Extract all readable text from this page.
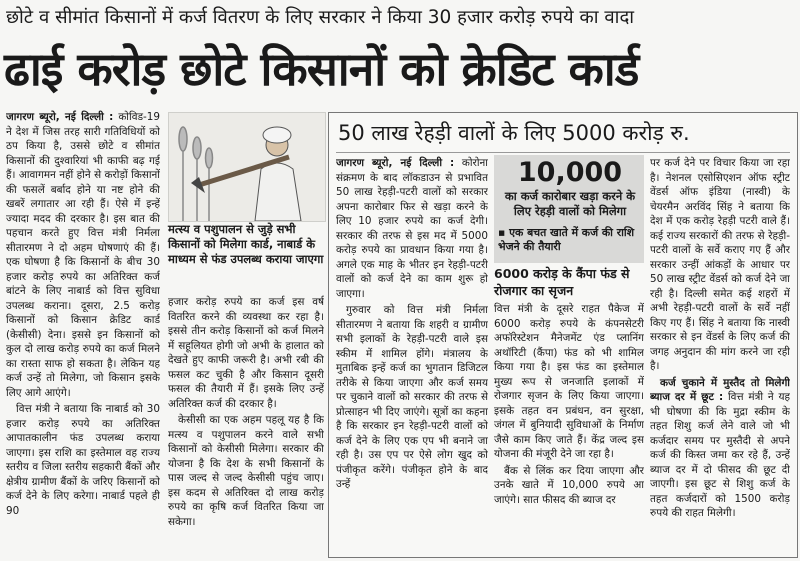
छोटे व सीमांत किसानों में कर्ज वितरण के लिए सरकार ने किया 30 हजार करोड़ रुपये का वादा
ढाई करोड़ छोटे किसानों को क्रेडिट कार्ड

जागरण ब्यूरो, नई दिल्ली : कोविड-19 ने देश में जिस तरह सारी गतिविधियों को ठप किया है, उससे छोटे व सीमांत किसानों की दुश्वारियां भी काफी बढ़ गई हैं। आवागमन नहीं होने से करोड़ों किसानों की फसलें बर्बाद होने या नष्ट होने की खबरें लगातार आ रही हैं। ऐसे में इन्हें ज्यादा मदद की दरकार है। इस बात की पहचान करते हुए वित्त मंत्री निर्मला सीतारमण ने दो अहम घोषणाएं की हैं। एक घोषणा है कि किसानों के बीच 30 हजार करोड़ रुपये का अतिरिक्त कर्ज बांटने के लिए नाबार्ड को वित्त सुविधा उपलब्ध कराना। दूसरा, 2.5 करोड़ किसानों को किसान क्रेडिट कार्ड (केसीसी) देना। इससे इन किसानों को कुल दो लाख करोड़ रुपये का कर्ज मिलने का रास्ता साफ हो सकता है। लेकिन यह कर्ज उन्हें तो मिलेगा, जो किसान इसके लिए आगे आएंगे।

वित्त मंत्री ने बताया कि नाबार्ड को 30 हजार करोड़ रुपये का अतिरिक्त आपातकालीन फंड उपलब्ध कराया जाएगा। इस राशि का इस्तेमाल वह राज्य स्तरीय व जिला स्तरीय सहकारी बैंकों और क्षेत्रीय ग्रामीण बैंकों के जरिए किसानों को कर्ज देने के लिए करेगा। नाबार्ड पहले ही 90

मत्स्य व पशुपालन से जुड़े सभी किसानों को मिलेगा कार्ड, नाबार्ड के माध्यम से फंड उपलब्ध कराया जाएगा

हजार करोड़ रुपये का कर्ज इस वर्ष वितरित करने की व्यवस्था कर रहा है। इससे तीन करोड़ किसानों को कर्ज मिलने में सहूलियत होगी जो अभी के हालात को देखते हुए काफी जरूरी है। अभी रबी की फसल कट चुकी है और किसान दूसरी फसल की तैयारी में हैं। इसके लिए उन्हें अतिरिक्त कर्ज की दरकार है।

केसीसी का एक अहम पहलू यह है कि मत्स्य व पशुपालन करने वाले सभी किसानों को केसीसी मिलेगा। सरकार की योजना है कि देश के सभी किसानों के पास जल्द से जल्द केसीसी पहुंच जाए। इस कदम से अतिरिक्त दो लाख करोड़ रुपये का कृषि कर्ज वितरित किया जा सकेगा।

50 लाख रेहड़ी वालों के लिए 5000 करोड़ रु.

जागरण ब्यूरो, नई दिल्ली : कोरोना संक्रमण के बाद लॉकडाउन से प्रभावित 50 लाख रेहड़ी-पटरी वालों को सरकार अपना कारोबार फिर से खड़ा करने के लिए 10 हजार रुपये का कर्ज देगी। सरकार की तरफ से इस मद में 5000 करोड़ रुपये का प्रावधान किया गया है। अगले एक माह के भीतर इन रेहड़ी-पटरी वालों को कर्ज देने का काम शुरू हो जाएगा।

गुरुवार को वित्त मंत्री निर्मला सीतारमण ने बताया कि शहरी व ग्रामीण सभी इलाकों के रेहड़ी-पटरी वाले इस स्कीम में शामिल होंगे। मंत्रालय के मुताबिक इन्हें कर्ज का भुगतान डिजिटल तरीके से किया जाएगा और कर्ज समय पर चुकाने वालों को सरकार की तरफ से प्रोत्साहन भी दिए जाएंगे। सूत्रों का कहना है कि सरकार इन रेहड़ी-पटरी वालों को कर्ज देने के लिए एक एप भी बनाने जा रही है। उस एप पर ऐसे लोग खुद को पंजीकृत करेंगे। पंजीकृत होने के बाद उन्हें

10,000
का कर्ज कारोबार खड़ा करने के लिए रेहड़ी वालों को मिलेगा
▪ एक बचत खाते में कर्ज की राशि भेजने की तैयारी
6000 करोड़ के कैंपा फंड से रोजगार का सृजन

वित्त मंत्री के दूसरे राहत पैकेज में 6000 करोड़ रुपये के कंपनसेटरी अफॉरेस्टेशन मैनेजमेंट एंड प्लानिंग अथॉरिटी (कैंपा) फंड को भी शामिल किया गया है। इस फंड का इस्तेमाल मुख्य रूप से जनजाति इलाकों में रोजगार सृजन के लिए किया जाएगा। इसके तहत वन प्रबंधन, वन सुरक्षा, जंगल में बुनियादी सुविधाओं के निर्माण जैसे काम किए जाते हैं। केंद्र जल्द इस योजना की मंजूरी देने जा रहा है।

बैंक से लिंक कर दिया जाएगा और उनके खाते में 10,000 रुपये आ जाएंगे। सात फीसद की ब्याज दर

पर कर्ज देने पर विचार किया जा रहा है। नेशनल एसोसिएशन ऑफ स्ट्रीट वेंडर्स ऑफ इंडिया (नास्वी) के चेयरमैन अरविंद सिंह ने बताया कि देश में एक करोड़ रेहड़ी पटरी वाले हैं। कई राज्य सरकारों की तरफ से रेहड़ी-पटरी वालों के सर्वे कराए गए हैं और सरकार उन्हीं आंकड़ों के आधार पर 50 लाख स्ट्रीट वेंडर्स को कर्ज देने जा रही है। दिल्ली समेत कई शहरों में अभी रेहड़ी-पटरी वालों के सर्वे नहीं किए गए हैं। सिंह ने बताया कि नास्वी सरकार से इन वेंडर्स के लिए कर्ज की जगह अनुदान की मांग करने जा रही है।

कर्ज चुकाने में मुस्तैद तो मिलेगी ब्याज दर में छूट : वित्त मंत्री ने यह भी घोषणा की कि मुद्रा स्कीम के तहत शिशु कर्ज लेने वाले जो भी कर्जदार समय पर मुस्तैदी से अपने कर्ज की किस्त जमा कर रहे हैं, उन्हें ब्याज दर में दो फीसद की छूट दी जाएगी। इस छूट से शिशु कर्ज के तहत कर्जदारों को 1500 करोड़ रुपये की राहत मिलेगी।
